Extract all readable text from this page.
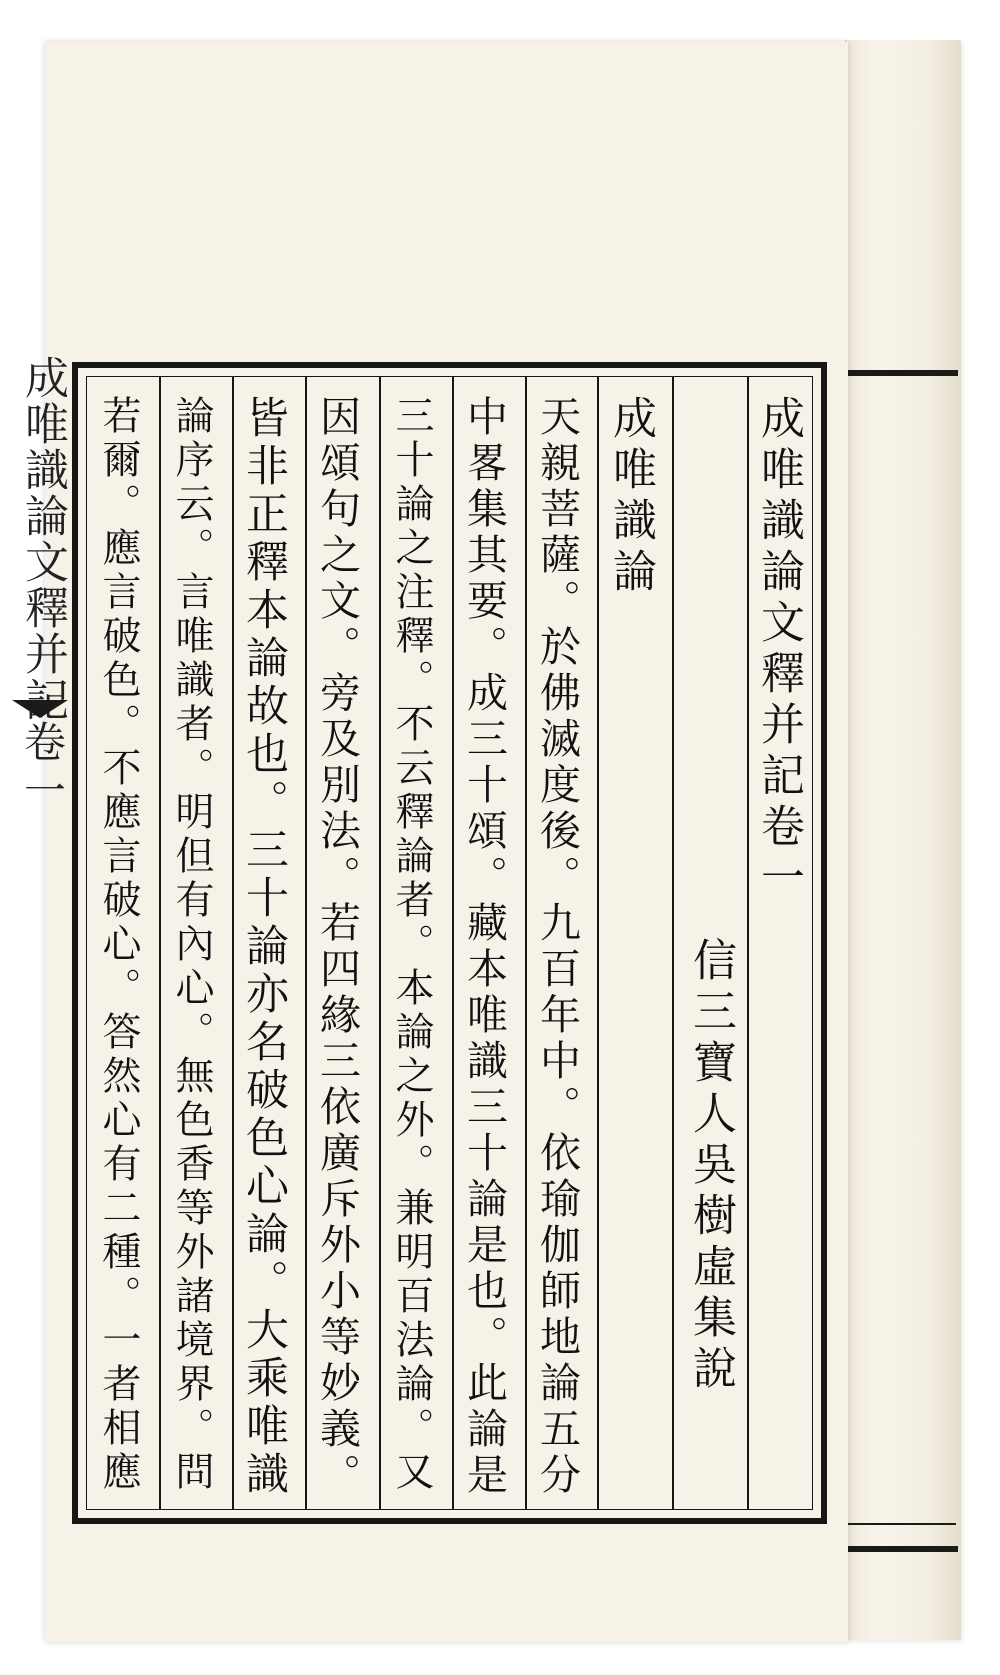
成唯識論文釋并記
卷一	成唯識論文釋并記卷一
信三寶人吳樹虛集說
成唯識論
天親菩薩。於佛滅度後。九百年中。依瑜伽師地論五分
中畧集其要。成三十頌。藏本唯識三十論是也。此論是
三十論之注釋。不云釋論者。本論之外。兼明百法論。又
因頌句之文。旁及別法。若四緣三依廣斥外小等妙義。
皆非正釋本論故也。三十論亦名破色心論。大乘唯識
論序云。言唯識者。明但有內心。無色香等外諸境界。問
若爾。應言破色。不應言破心。答然心有二種。一者相應
